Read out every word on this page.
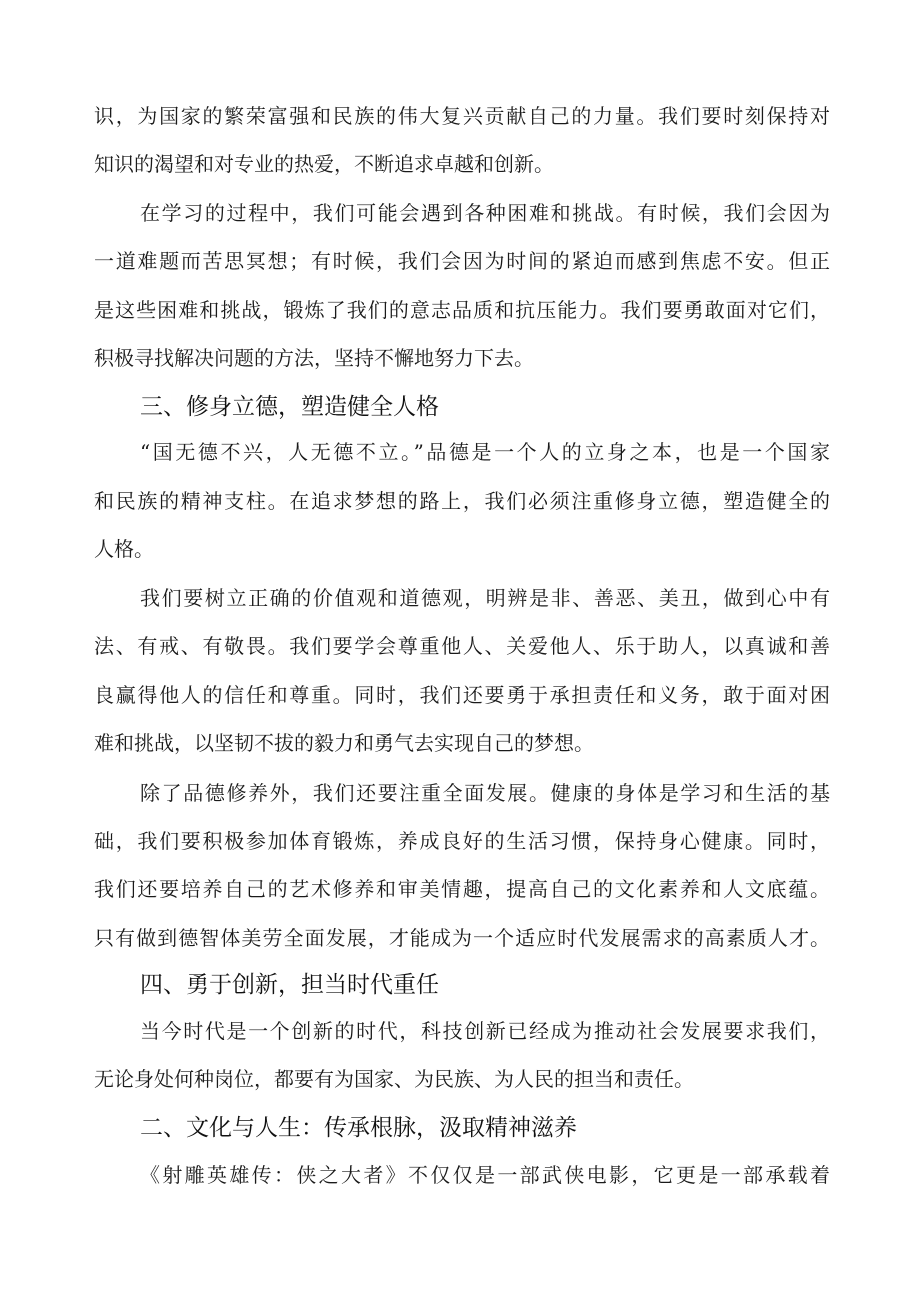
识，为国家的繁荣富强和民族的伟大复兴贡献自己的力量。我们要时刻保持对
知识的渴望和对专业的热爱，不断追求卓越和创新。
在学习的过程中，我们可能会遇到各种困难和挑战。有时候，我们会因为
一道难题而苦思冥想；有时候，我们会因为时间的紧迫而感到焦虑不安。但正
是这些困难和挑战，锻炼了我们的意志品质和抗压能力。我们要勇敢面对它们，
积极寻找解决问题的方法，坚持不懈地努力下去。
三、修身立德，塑造健全人格
“国无德不兴，人无德不立。”品德是一个人的立身之本，也是一个国家
和民族的精神支柱。在追求梦想的路上，我们必须注重修身立德，塑造健全的
人格。
我们要树立正确的价值观和道德观，明辨是非、善恶、美丑，做到心中有
法、有戒、有敬畏。我们要学会尊重他人、关爱他人、乐于助人，以真诚和善
良赢得他人的信任和尊重。同时，我们还要勇于承担责任和义务，敢于面对困
难和挑战，以坚韧不拔的毅力和勇气去实现自己的梦想。
除了品德修养外，我们还要注重全面发展。健康的身体是学习和生活的基
础，我们要积极参加体育锻炼，养成良好的生活习惯，保持身心健康。同时，
我们还要培养自己的艺术修养和审美情趣，提高自己的文化素养和人文底蕴。
只有做到德智体美劳全面发展，才能成为一个适应时代发展需求的高素质人才。
四、勇于创新，担当时代重任
当今时代是一个创新的时代，科技创新已经成为推动社会发展要求我们，
无论身处何种岗位，都要有为国家、为民族、为人民的担当和责任。
二、文化与人生：传承根脉，汲取精神滋养
《射雕英雄传：侠之大者》不仅仅是一部武侠电影，它更是一部承载着
